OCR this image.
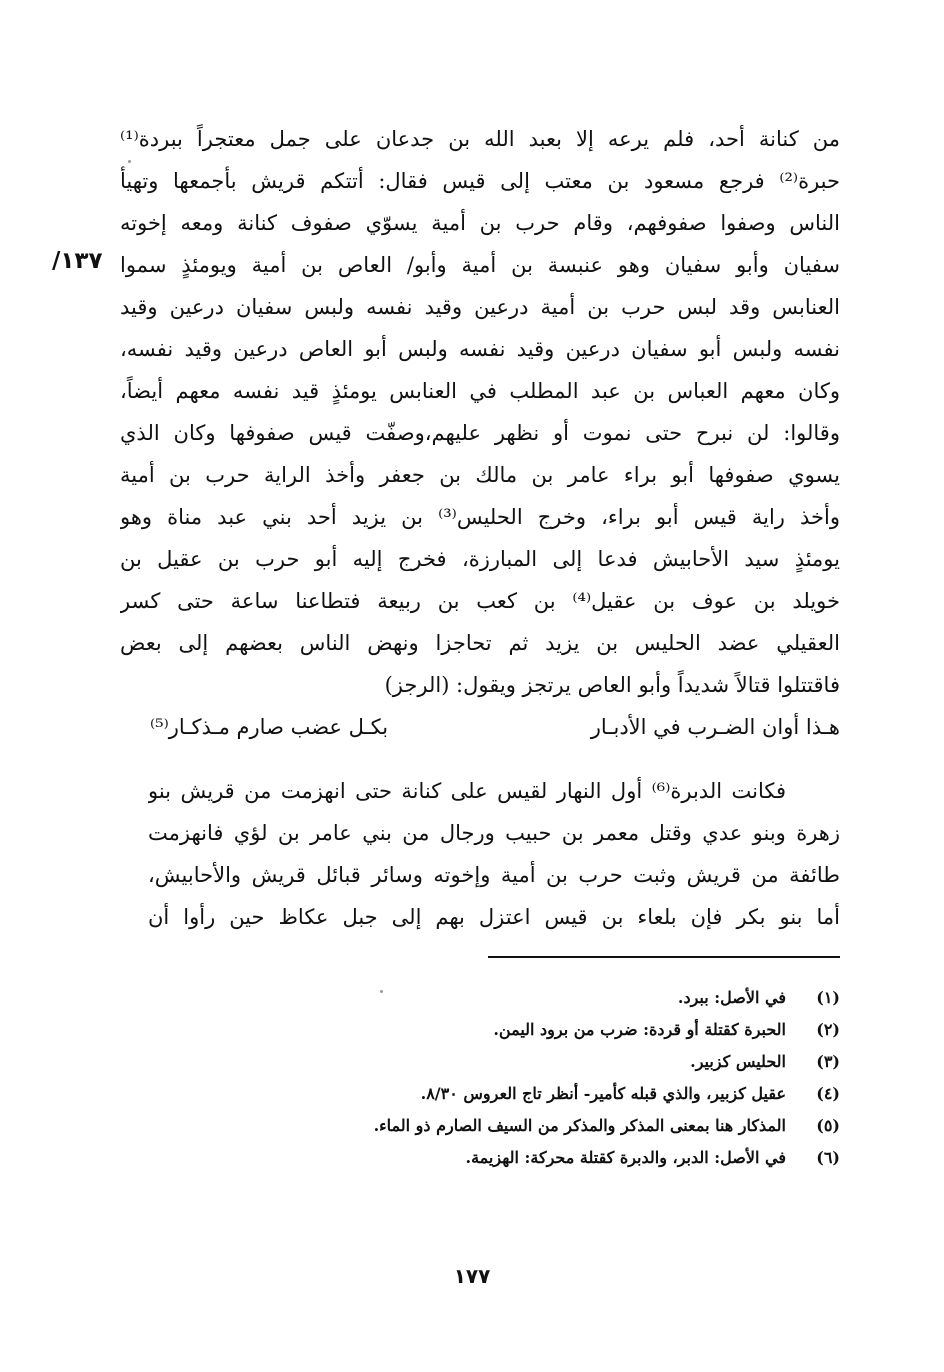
١٣٧/
من كنانة أحد، فلم يرعه إلا بعبد الله بن جدعان على جمل معتجراً ببردة⁽¹⁾
حبرة⁽²⁾ فرجع مسعود بن معتب إلى قيس فقال: أتتكم قريش بأجمعها وتهيأ
الناس وصفوا صفوفهم، وقام حرب بن أمية يسوّي صفوف كنانة ومعه إخوته
سفيان وأبو سفيان وهو عنبسة بن أمية وأبو/ العاص بن أمية ويومئذٍ سموا
العنابس وقد لبس حرب بن أمية درعين وقيد نفسه ولبس سفيان درعين وقيد
نفسه ولبس أبو سفيان درعين وقيد نفسه ولبس أبو العاص درعين وقيد نفسه،
وكان معهم العباس بن عبد المطلب في العنابس يومئذٍ قيد نفسه معهم أيضاً،
وقالوا: لن نبرح حتى نموت أو نظهر عليهم،وصفّت قيس صفوفها وكان الذي
يسوي صفوفها أبو براء عامر بن مالك بن جعفر وأخذ الراية حرب بن أمية
وأخذ راية قيس أبو براء، وخرج الحليس⁽³⁾ بن يزيد أحد بني عبد مناة وهو
يومئذٍ سيد الأحابيش فدعا إلى المبارزة، فخرج إليه أبو حرب بن عقيل بن
خويلد بن عوف بن عقيل⁽⁴⁾ بن كعب بن ربيعة فتطاعنا ساعة حتى كسر
العقيلي عضد الحليس بن يزيد ثم تحاجزا ونهض الناس بعضهم إلى بعض
فاقتتلوا قتالاً شديداً وأبو العاص يرتجز ويقول: (الرجز)
هـذا أوان الضـرب في الأدبـار
بكـل عضب صارم مـذكـار⁽⁵⁾
فكانت الدبرة⁽⁶⁾ أول النهار لقيس على كنانة حتى انهزمت من قريش بنو
زهرة وبنو عدي وقتل معمر بن حبيب ورجال من بني عامر بن لؤي فانهزمت
طائفة من قريش وثبت حرب بن أمية وإخوته وسائر قبائل قريش والأحابيش،
أما بنو بكر فإن بلعاء بن قيس اعتزل بهم إلى جبل عكاظ حين رأوا أن
(١)
في الأصل: ببرد.
(٢)
الحبرة كقتلة أو قردة: ضرب من برود اليمن.
(٣)
الحليس كزبير.
(٤)
عقيل كزبير، والذي قبله كأمير- أنظر تاج العروس ٨/٣٠.
(٥)
المذكار هنا بمعنى المذكر والمذكر من السيف الصارم ذو الماء.
(٦)
في الأصل: الدبر، والدبرة كقتلة محركة: الهزيمة.
١٧٧
